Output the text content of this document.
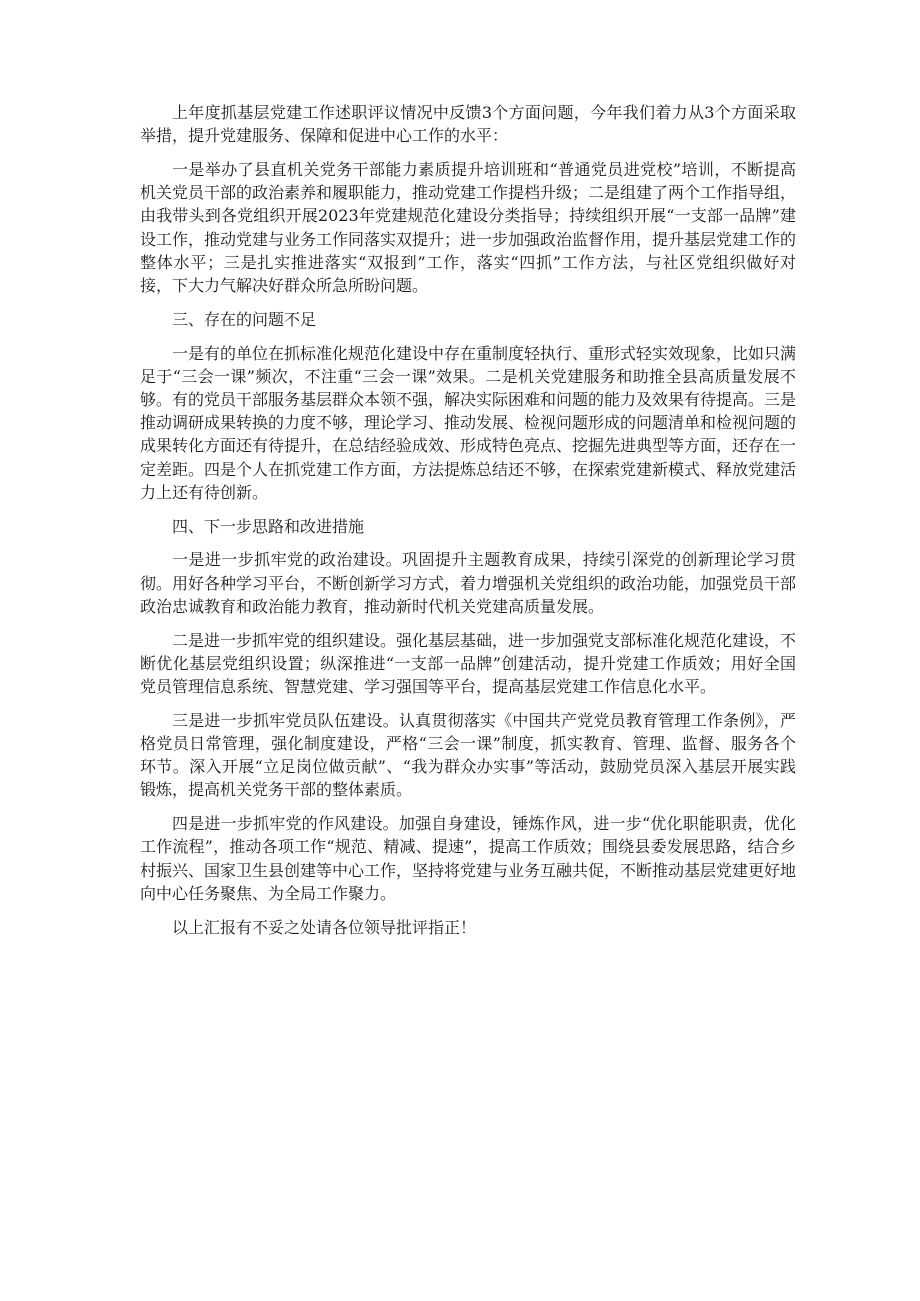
上年度抓基层党建工作述职评议情况中反馈3个方面问题，今年我们着力从3个方面采取举措，提升党建服务、保障和促进中心工作的水平：

一是举办了县直机关党务干部能力素质提升培训班和“普通党员进党校”培训，不断提高机关党员干部的政治素养和履职能力，推动党建工作提档升级；二是组建了两个工作指导组，由我带头到各党组织开展2023年党建规范化建设分类指导；持续组织开展“一支部一品牌”建设工作，推动党建与业务工作同落实双提升；进一步加强政治监督作用，提升基层党建工作的整体水平；三是扎实推进落实“双报到”工作，落实“四抓”工作方法，与社区党组织做好对接，下大力气解决好群众所急所盼问题。

三、存在的问题不足

一是有的单位在抓标准化规范化建设中存在重制度轻执行、重形式轻实效现象，比如只满足于“三会一课”频次，不注重“三会一课”效果。二是机关党建服务和助推全县高质量发展不够。有的党员干部服务基层群众本领不强，解决实际困难和问题的能力及效果有待提高。三是推动调研成果转换的力度不够，理论学习、推动发展、检视问题形成的问题清单和检视问题的成果转化方面还有待提升，在总结经验成效、形成特色亮点、挖掘先进典型等方面，还存在一定差距。四是个人在抓党建工作方面，方法提炼总结还不够，在探索党建新模式、释放党建活力上还有待创新。

四、下一步思路和改进措施

一是进一步抓牢党的政治建设。巩固提升主题教育成果，持续引深党的创新理论学习贯彻。用好各种学习平台，不断创新学习方式，着力增强机关党组织的政治功能，加强党员干部政治忠诚教育和政治能力教育，推动新时代机关党建高质量发展。

二是进一步抓牢党的组织建设。强化基层基础，进一步加强党支部标准化规范化建设，不断优化基层党组织设置；纵深推进“一支部一品牌”创建活动，提升党建工作质效；用好全国党员管理信息系统、智慧党建、学习强国等平台，提高基层党建工作信息化水平。

三是进一步抓牢党员队伍建设。认真贯彻落实《中国共产党党员教育管理工作条例》，严格党员日常管理，强化制度建设，严格“三会一课”制度，抓实教育、管理、监督、服务各个环节。深入开展“立足岗位做贡献”、“我为群众办实事”等活动，鼓励党员深入基层开展实践锻炼，提高机关党务干部的整体素质。

四是进一步抓牢党的作风建设。加强自身建设，锤炼作风，进一步“优化职能职责，优化工作流程”，推动各项工作“规范、精减、提速”，提高工作质效；围绕县委发展思路，结合乡村振兴、国家卫生县创建等中心工作，坚持将党建与业务互融共促，不断推动基层党建更好地向中心任务聚焦、为全局工作聚力。

以上汇报有不妥之处请各位领导批评指正！
